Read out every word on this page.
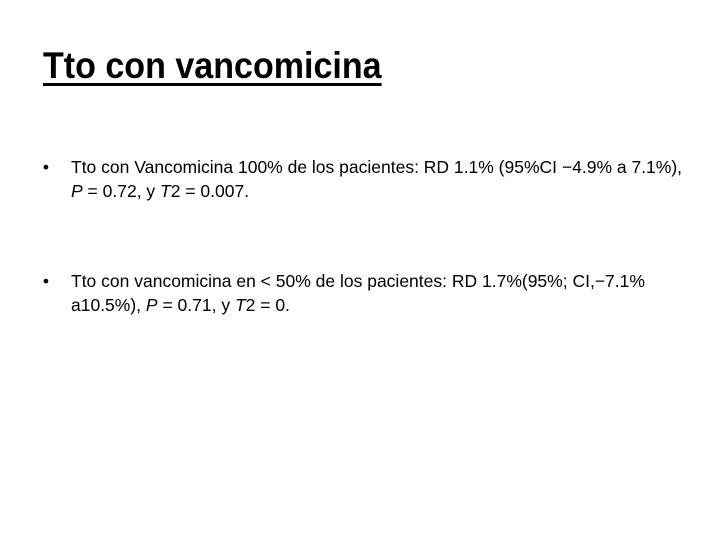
Tto con vancomicina
•	Tto con Vancomicina 100% de los pacientes: RD 1.1% (95%CI −4.9% a 7.1%), P = 0.72, y T2 = 0.007.
•	Tto con vancomicina en < 50% de los pacientes: RD 1.7%(95%; CI,−7.1% a10.5%), P = 0.71, y T2 = 0.
